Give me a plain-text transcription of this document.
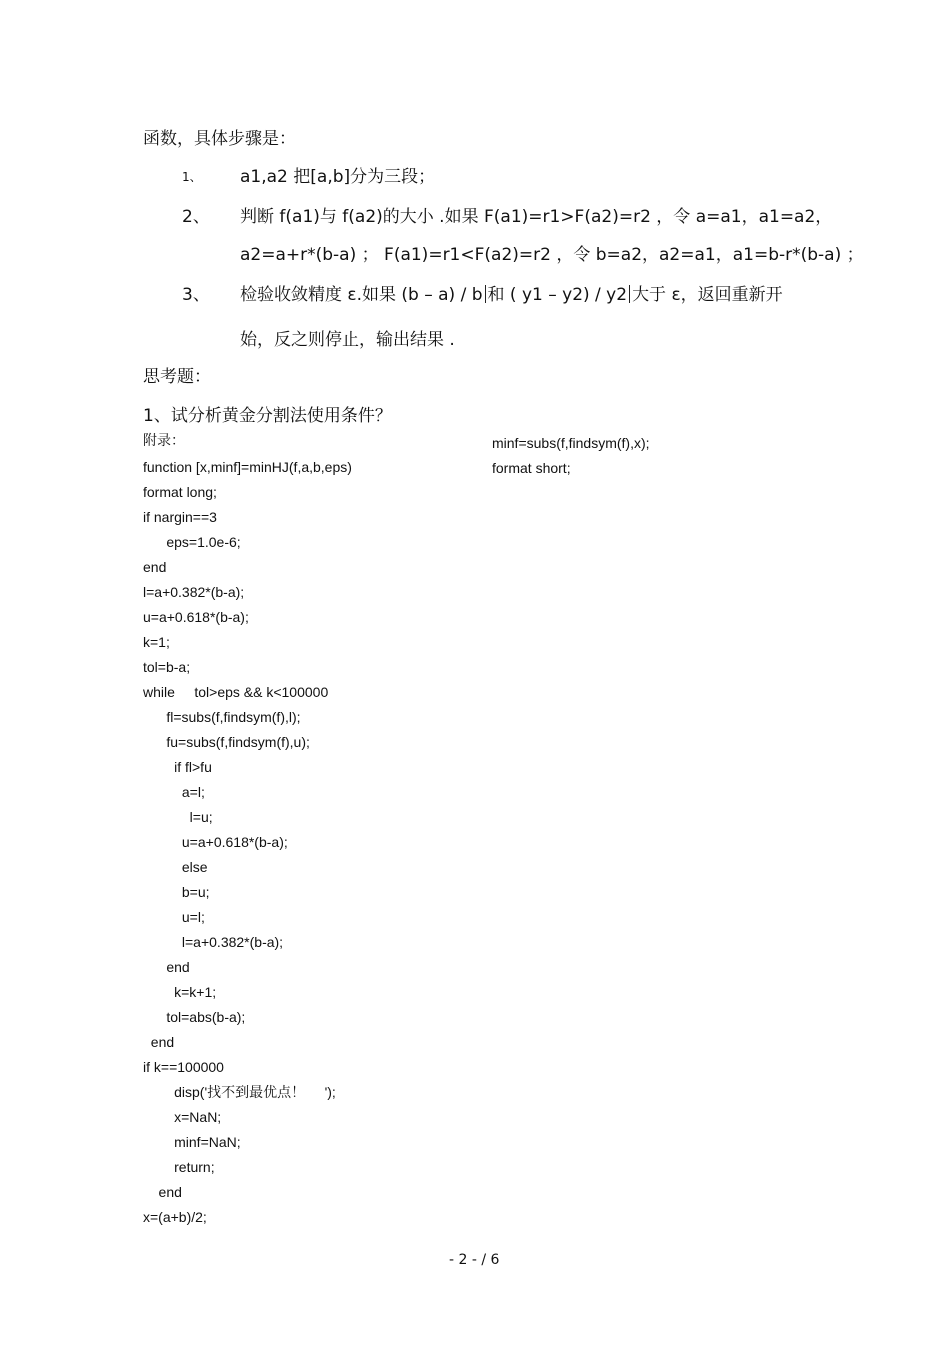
函数，具体步骤是：
1、 a1,a2 把[a,b]分为三段；
2、 判断 f(a1)与 f(a2)的大小 .如果 F(a1)=r1>F(a2)=r2 ，令 a=a1，a1=a2，
a2=a+r*(b-a) ； F(a1)=r1<F(a2)=r2 ，令 b=a2，a2=a1，a1=b-r*(b-a) ；
3、 检验收敛精度 ε.如果 (b – a) / b 和 ( y1 – y2) / y2 大于 ε，返回重新开
始，反之则停止，输出结果 .
思考题：
1、试分析黄金分割法使用条件？
附录：
function [x,minf]=minHJ(f,a,b,eps)
format long;
if nargin==3
eps=1.0e-6;
end
l=a+0.382*(b-a);
u=a+0.618*(b-a);
k=1;
tol=b-a;
while     tol>eps && k<100000
fl=subs(f,findsym(f),l);
fu=subs(f,findsym(f),u);
if fl>fu
a=l;
l=u;
u=a+0.618*(b-a);
else
b=u;
u=l;
l=a+0.382*(b-a);
end
k=k+1;
tol=abs(b-a);
end
if k==100000
disp('找不到最优点！     ');
x=NaN;
minf=NaN;
return;
end
x=(a+b)/2;
minf=subs(f,findsym(f),x);
format short;
- 2 - / 6
